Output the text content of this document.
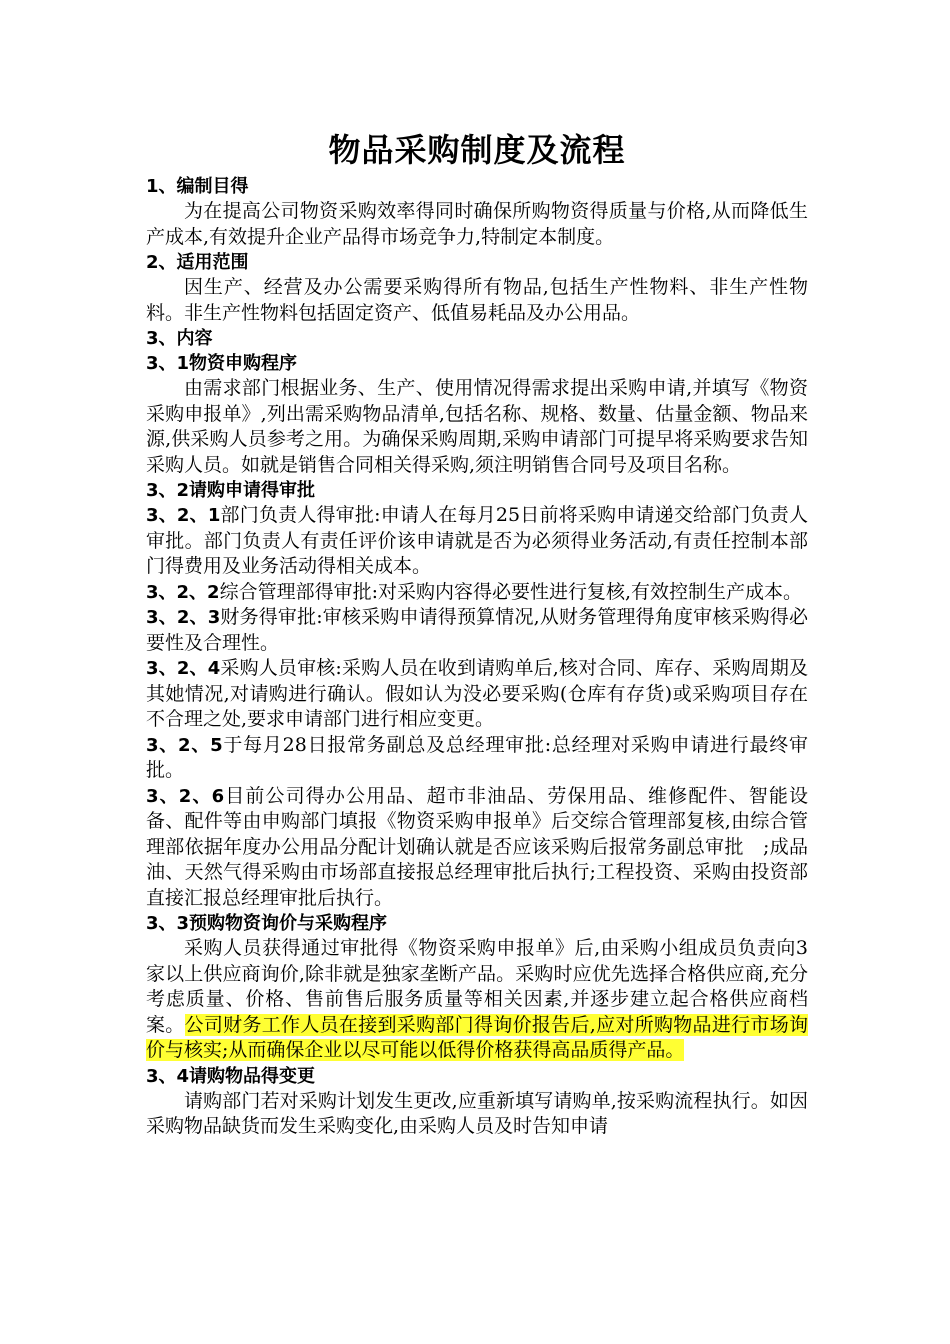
物品采购制度及流程
1、编制目得
为在提高公司物资采购效率得同时确保所购物资得质量与价格,从而降低生产成本,有效提升企业产品得市场竞争力,特制定本制度。
2、适用范围
因生产、经营及办公需要采购得所有物品,包括生产性物料、非生产性物料。非生产性物料包括固定资产、低值易耗品及办公用品。
3、内容
3、1物资申购程序
由需求部门根据业务、生产、使用情况得需求提出采购申请,并填写《物资采购申报单》,列出需采购物品清单,包括名称、规格、数量、估量金额、物品来源,供采购人员参考之用。为确保采购周期,采购申请部门可提早将采购要求告知采购人员。如就是销售合同相关得采购,须注明销售合同号及项目名称。
3、2请购申请得审批
3、2、1部门负责人得审批:申请人在每月25日前将采购申请递交给部门负责人审批。部门负责人有责任评价该申请就是否为必须得业务活动,有责任控制本部门得费用及业务活动得相关成本。
3、2、2综合管理部得审批:对采购内容得必要性进行复核,有效控制生产成本。
3、2、3财务得审批:审核采购申请得预算情况,从财务管理得角度审核采购得必要性及合理性。
3、2、4采购人员审核:采购人员在收到请购单后,核对合同、库存、采购周期及其她情况,对请购进行确认。假如认为没必要采购(仓库有存货)或采购项目存在不合理之处,要求申请部门进行相应变更。
3、2、5于每月28日报常务副总及总经理审批:总经理对采购申请进行最终审批。
3、2、6目前公司得办公用品、超市非油品、劳保用品、维修配件、智能设备、配件等由申购部门填报《物资采购申报单》后交综合管理部复核,由综合管理部依据年度办公用品分配计划确认就是否应该采购后报常务副总审批　;成品油、天然气得采购由市场部直接报总经理审批后执行;工程投资、采购由投资部直接汇报总经理审批后执行。
3、3预购物资询价与采购程序
采购人员获得通过审批得《物资采购申报单》后,由采购小组成员负责向3家以上供应商询价,除非就是独家垄断产品。采购时应优先选择合格供应商,充分考虑质量、价格、售前售后服务质量等相关因素,并逐步建立起合格供应商档案。公司财务工作人员在接到采购部门得询价报告后,应对所购物品进行市场询价与核实;从而确保企业以尽可能以低得价格获得高品质得产品。
3、4请购物品得变更
请购部门若对采购计划发生更改,应重新填写请购单,按采购流程执行。如因采购物品缺货而发生采购变化,由采购人员及时告知申请
